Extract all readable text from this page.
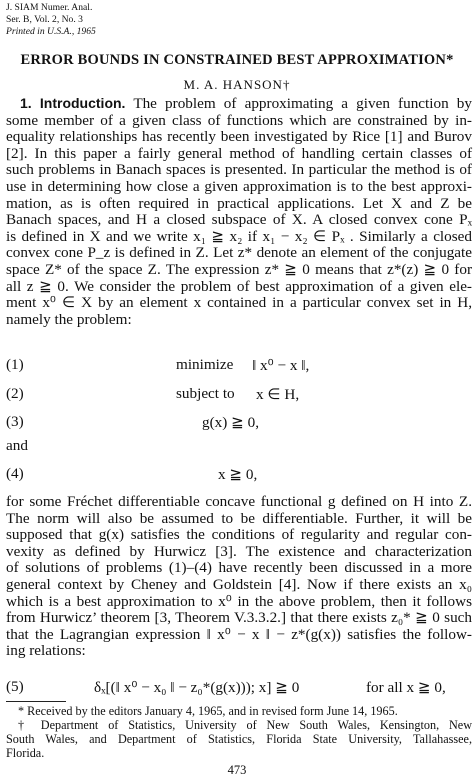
J. SIAM Numer. Anal.
Ser. B, Vol. 2, No. 3
Printed in U.S.A., 1965
ERROR BOUNDS IN CONSTRAINED BEST APPROXIMATION*
M. A. HANSON†
1. Introduction. The problem of approximating a given function by
some member of a given class of functions which are constrained by in-
equality relationships has recently been investigated by Rice [1] and Burov
[2]. In this paper a fairly general method of handling certain classes of
such problems in Banach spaces is presented. In particular the method is of
use in determining how close a given approximation is to the best approxi-
mation, as is often required in practical applications. Let X and Z be
Banach spaces, and H a closed subspace of X. A closed convex cone Pₓ
is defined in X and we write x₁ ≧ x₂ if x₁ − x₂ ∈ Pₓ . Similarly a closed
convex cone P_z is defined in Z. Let z* denote an element of the conjugate
space Z* of the space Z. The expression z* ≧ 0 means that z*(z) ≧ 0 for
all z ≧ 0. We consider the problem of best approximation of a given ele-
ment x⁰ ∈ X by an element x contained in a particular convex set in H,
namely the problem:
(1)	minimize ‖ x⁰ − x ‖,
(2)	subject to x ∈ H,
(3)	g(x) ≧ 0,
and
(4)	x ≧ 0,
for some Fréchet differentiable concave functional g defined on H into Z.
The norm will also be assumed to be differentiable. Further, it will be
supposed that g(x) satisfies the conditions of regularity and regular con-
vexity as defined by Hurwicz [3]. The existence and characterization
of solutions of problems (1)–(4) have recently been discussed in a more
general context by Cheney and Goldstein [4]. Now if there exists an x₀
which is a best approximation to x⁰ in the above problem, then it follows
from Hurwicz’ theorem [3, Theorem V.3.3.2.] that there exists z₀* ≧ 0 such
that the Lagrangian expression ‖ x⁰ − x ‖ − z*(g(x)) satisfies the follow-
ing relations:
(5)	δₓ[(‖ x⁰ − x₀ ‖ − z₀*(g(x))); x] ≧ 0	for all x ≧ 0,
* Received by the editors January 4, 1965, and in revised form June 14, 1965.
† Department of Statistics, University of New South Wales, Kensington, New
South Wales, and Department of Statistics, Florida State University, Tallahassee,
Florida.
473
